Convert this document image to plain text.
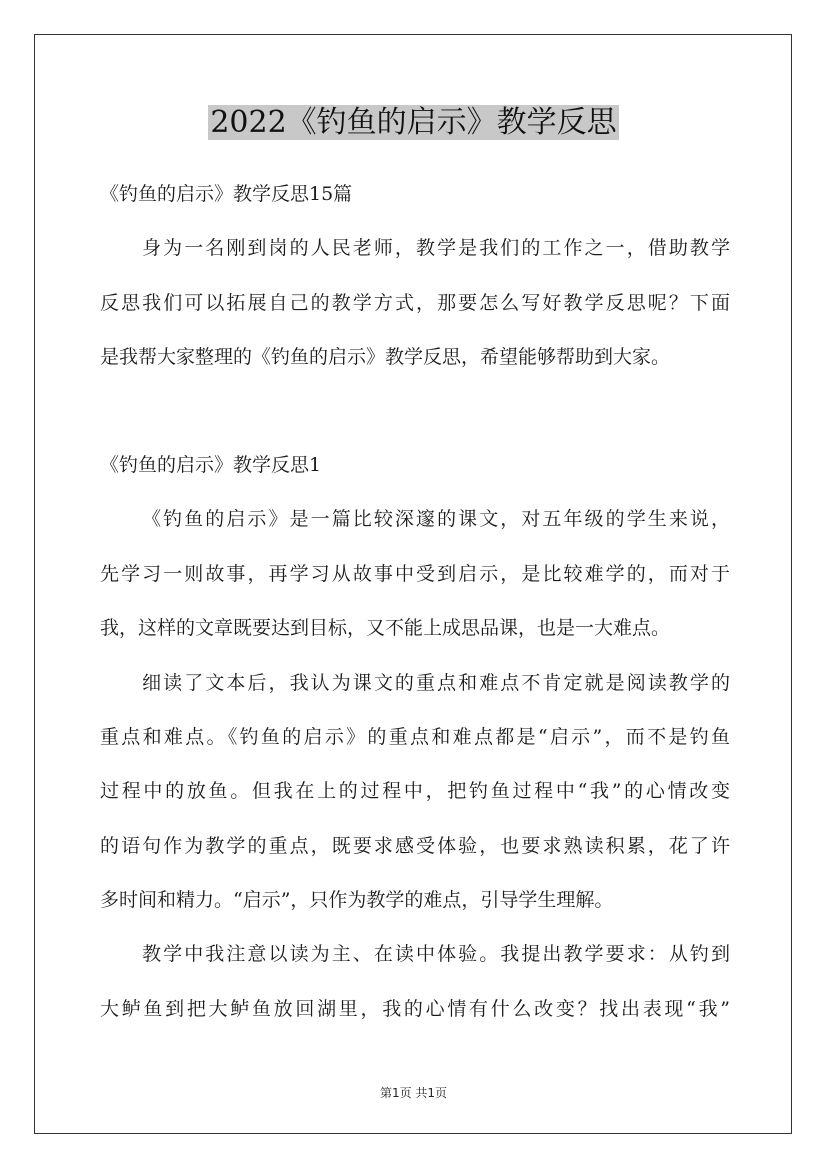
2022《钓鱼的启示》教学反思
《钓鱼的启示》教学反思15篇
身为一名刚到岗的人民老师，教学是我们的工作之一，借助教学
反思我们可以拓展自己的教学方式，那要怎么写好教学反思呢？下面
是我帮大家整理的《钓鱼的启示》教学反思，希望能够帮助到大家。
《钓鱼的启示》教学反思1
《钓鱼的启示》是一篇比较深邃的课文，对五年级的学生来说，
先学习一则故事，再学习从故事中受到启示，是比较难学的，而对于
我，这样的文章既要达到目标，又不能上成思品课，也是一大难点。
细读了文本后，我认为课文的重点和难点不肯定就是阅读教学的
重点和难点。《钓鱼的启示》的重点和难点都是“启示”，而不是钓鱼
过程中的放鱼。但我在上的过程中，把钓鱼过程中“我”的心情改变
的语句作为教学的重点，既要求感受体验，也要求熟读积累，花了许
多时间和精力。“启示”，只作为教学的难点，引导学生理解。
教学中我注意以读为主、在读中体验。我提出教学要求：从钓到
大鲈鱼到把大鲈鱼放回湖里，我的心情有什么改变？找出表现“我”
第1页 共1页
